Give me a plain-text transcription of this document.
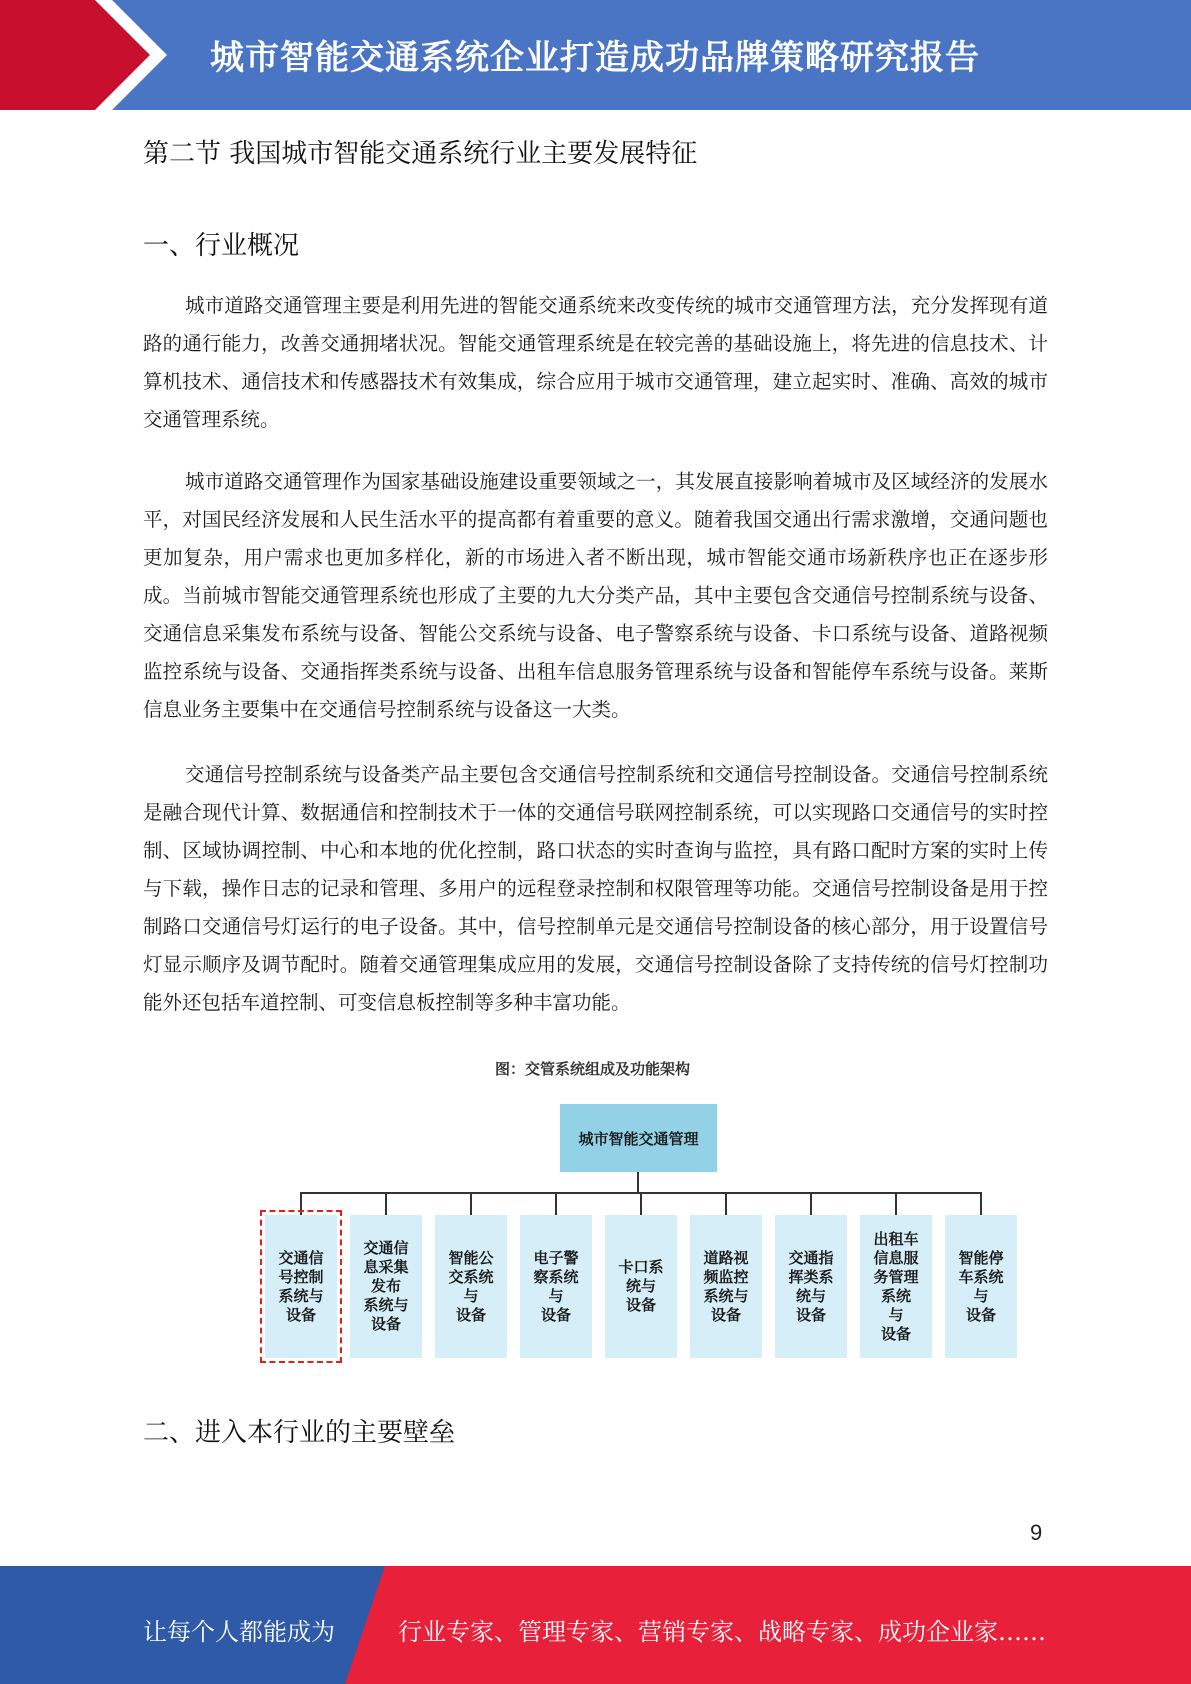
城市智能交通系统企业打造成功品牌策略研究报告
第二节 我国城市智能交通系统行业主要发展特征
一、行业概况

城市道路交通管理主要是利用先进的智能交通系统来改变传统的城市交通管理方法，充分发挥现有道路的通行能力，改善交通拥堵状况。智能交通管理系统是在较完善的基础设施上，将先进的信息技术、计算机技术、通信技术和传感器技术有效集成，综合应用于城市交通管理，建立起实时、准确、高效的城市交通管理系统。

城市道路交通管理作为国家基础设施建设重要领域之一，其发展直接影响着城市及区域经济的发展水平，对国民经济发展和人民生活水平的提高都有着重要的意义。随着我国交通出行需求激增，交通问题也更加复杂，用户需求也更加多样化，新的市场进入者不断出现，城市智能交通市场新秩序也正在逐步形成。当前城市智能交通管理系统也形成了主要的九大分类产品，其中主要包含交通信号控制系统与设备、交通信息采集发布系统与设备、智能公交系统与设备、电子警察系统与设备、卡口系统与设备、道路视频监控系统与设备、交通指挥类系统与设备、出租车信息服务管理系统与设备和智能停车系统与设备。莱斯信息业务主要集中在交通信号控制系统与设备这一大类。

交通信号控制系统与设备类产品主要包含交通信号控制系统和交通信号控制设备。交通信号控制系统是融合现代计算、数据通信和控制技术于一体的交通信号联网控制系统，可以实现路口交通信号的实时控制、区域协调控制、中心和本地的优化控制，路口状态的实时查询与监控，具有路口配时方案的实时上传与下载，操作日志的记录和管理、多用户的远程登录控制和权限管理等功能。交通信号控制设备是用于控制路口交通信号灯运行的电子设备。其中，信号控制单元是交通信号控制设备的核心部分，用于设置信号灯显示顺序及调节配时。随着交通管理集成应用的发展，交通信号控制设备除了支持传统的信号灯控制功能外还包括车道控制、可变信息板控制等多种丰富功能。

图：交管系统组成及功能架构
城市智能交通管理
交通信
号控制
系统与
设备
交通信
息采集
发布
系统与
设备
智能公
交系统
与
设备
电子警
察系统
与
设备
卡口系
统与
设备
道路视
频监控
系统与
设备
交通指
挥类系
统与
设备
出租车
信息服
务管理
系统
与
设备
智能停
车系统
与
设备
二、进入本行业的主要壁垒
9
让每个人都能成为	行业专家、管理专家、营销专家、战略专家、成功企业家……
